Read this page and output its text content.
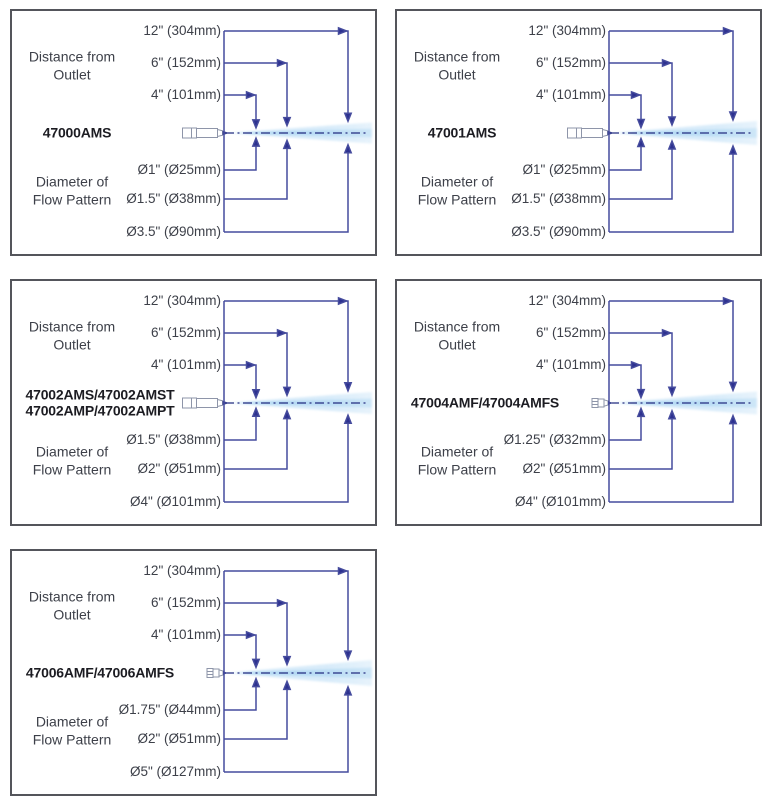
Distance from
Outlet
47000AMS
Diameter of
Flow Pattern
12" (304mm)
6" (152mm)
4" (101mm)
Ø1" (Ø25mm)
Ø1.5" (Ø38mm)
Ø3.5" (Ø90mm)
Distance from
Outlet
47001AMS
Diameter of
Flow Pattern
12" (304mm)
6" (152mm)
4" (101mm)
Ø1" (Ø25mm)
Ø1.5" (Ø38mm)
Ø3.5" (Ø90mm)
Distance from
Outlet
47002AMS/47002AMST
47002AMP/47002AMPT
Diameter of
Flow Pattern
12" (304mm)
6" (152mm)
4" (101mm)
Ø1.5" (Ø38mm)
Ø2" (Ø51mm)
Ø4" (Ø101mm)
Distance from
Outlet
47004AMF/47004AMFS
Diameter of
Flow Pattern
12" (304mm)
6" (152mm)
4" (101mm)
Ø1.25" (Ø32mm)
Ø2" (Ø51mm)
Ø4" (Ø101mm)
Distance from
Outlet
47006AMF/47006AMFS
Diameter of
Flow Pattern
12" (304mm)
6" (152mm)
4" (101mm)
Ø1.75" (Ø44mm)
Ø2" (Ø51mm)
Ø5" (Ø127mm)
